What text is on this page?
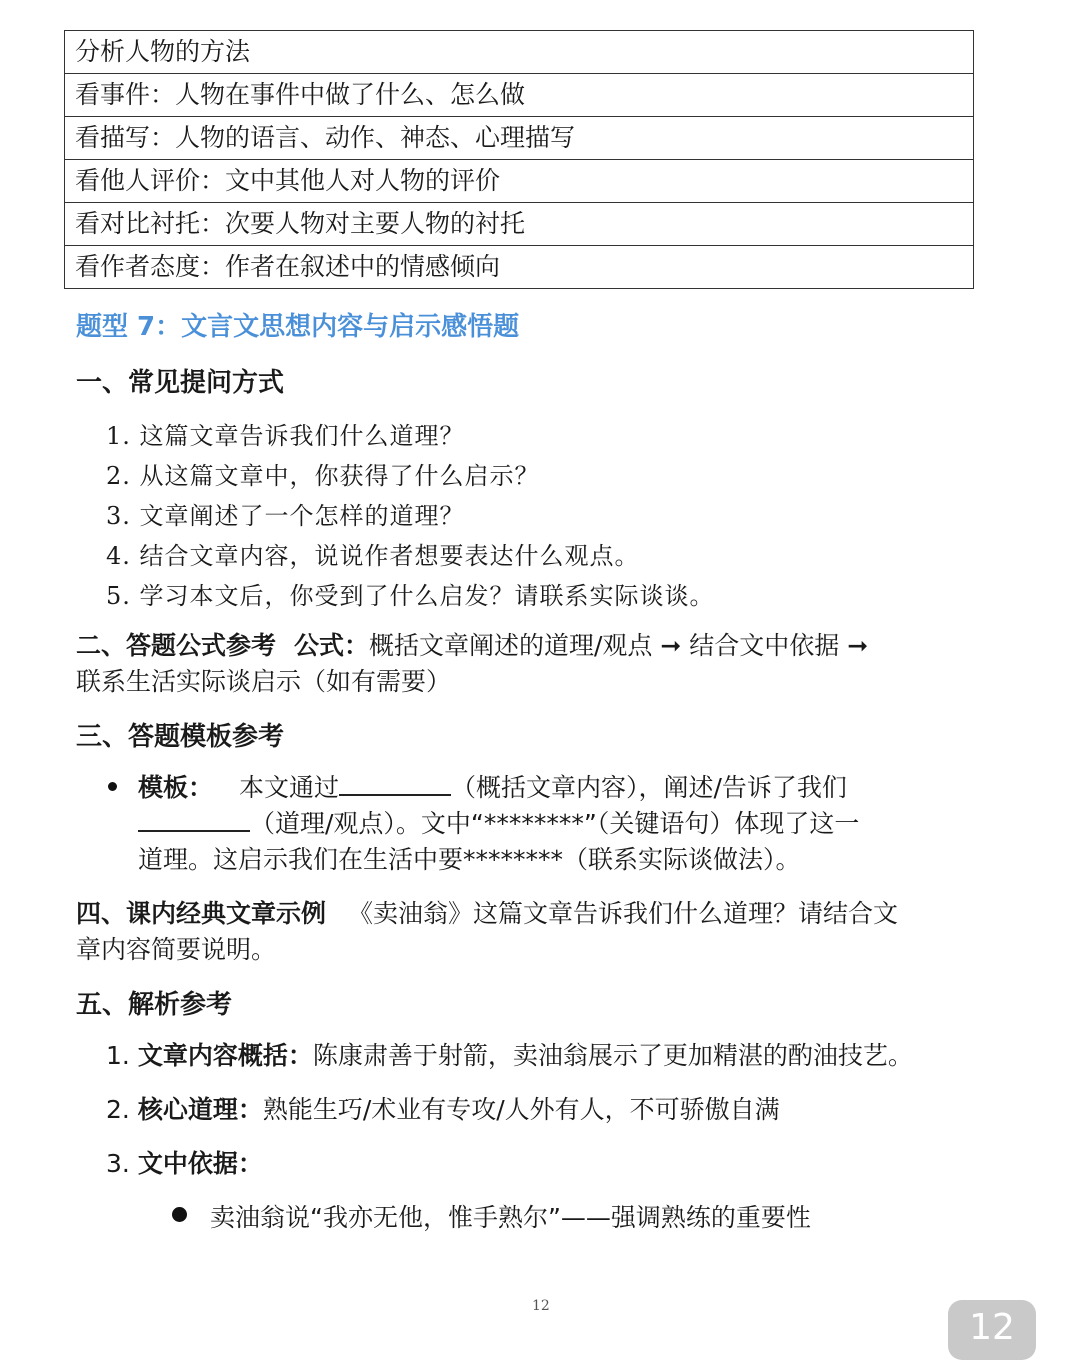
分析人物的方法
看事件：人物在事件中做了什么、怎么做
看描写：人物的语言、动作、神态、心理描写
看他人评价：文中其他人对人物的评价
看对比衬托：次要人物对主要人物的衬托
看作者态度：作者在叙述中的情感倾向
题型 7：文言文思想内容与启示感悟题
一、常见提问方式
1. 这篇文章告诉我们什么道理？
2. 从这篇文章中，你获得了什么启示？
3. 文章阐述了一个怎样的道理？
4. 结合文章内容，说说作者想要表达什么观点。
5. 学习本文后，你受到了什么启发？请联系实际谈谈。
二、答题公式参考 公式：概括文章阐述的道理/观点 ➞ 结合文中依据 ➞
联系生活实际谈启示（如有需要）
三、答题模板参考
模板： 本文通过	（概括文章内容），阐述/告诉了我们
（道理/观点）。文中“********”（关键语句）体现了这一
道理。这启示我们在生活中要********（联系实际谈做法）。
四、课内经典文章示例 《卖油翁》这篇文章告诉我们什么道理？请结合文
章内容简要说明。
五、解析参考
1. 文章内容概括：陈康肃善于射箭，卖油翁展示了更加精湛的酌油技艺。
2. 核心道理：熟能生巧/术业有专攻/人外有人，不可骄傲自满
3. 文中依据：
卖油翁说“我亦无他，惟手熟尔”——强调熟练的重要性
12
12
